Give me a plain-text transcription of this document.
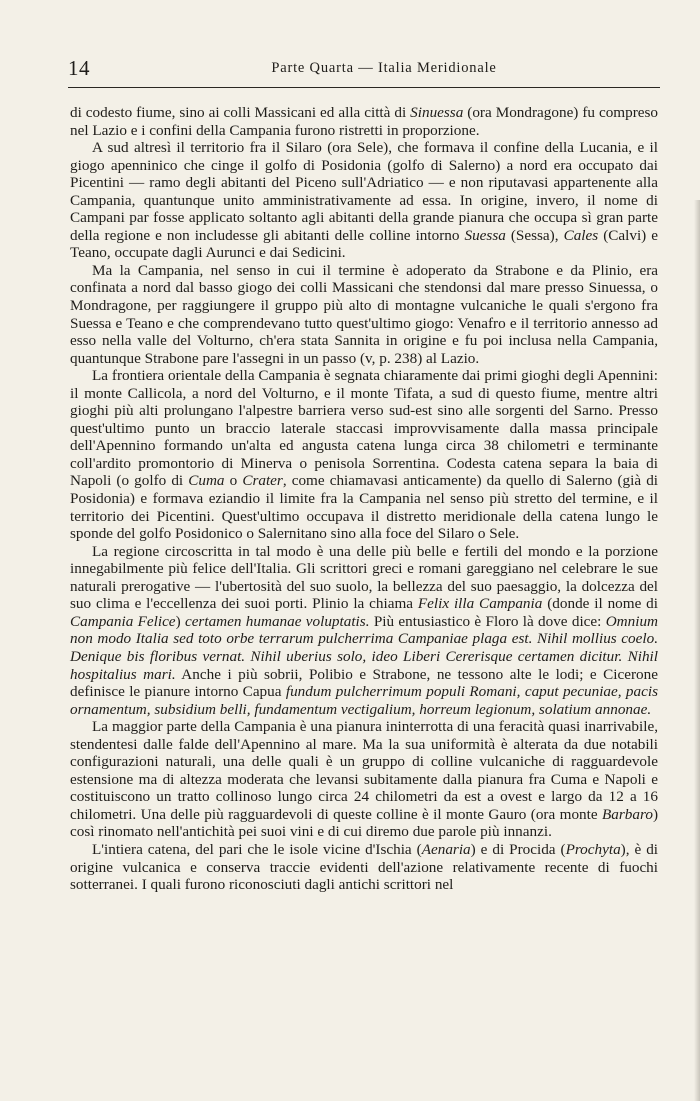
14	Parte Quarta — Italia Meridionale

di codesto fiume, sino ai colli Massicani ed alla città di Sinuessa (ora Mondragone) fu compreso nel Lazio e i confini della Campania furono ristretti in proporzione.

A sud altresì il territorio fra il Silaro (ora Sele), che formava il confine della Lucania, e il giogo apenninico che cinge il golfo di Posidonia (golfo di Salerno) a nord era occupato dai Picentini — ramo degli abitanti del Piceno sull'Adriatico — e non riputavasi appartenente alla Campania, quantunque unito amministrativamente ad essa. In origine, invero, il nome di Campani par fosse applicato soltanto agli abitanti della grande pianura che occupa sì gran parte della regione e non includesse gli abitanti delle colline intorno Suessa (Sessa), Cales (Calvi) e Teano, occupate dagli Aurunci e dai Sedicini.

Ma la Campania, nel senso in cui il termine è adoperato da Strabone e da Plinio, era confinata a nord dal basso giogo dei colli Massicani che stendonsi dal mare presso Sinuessa, o Mondragone, per raggiungere il gruppo più alto di montagne vulcaniche le quali s'ergono fra Suessa e Teano e che comprendevano tutto quest'ultimo giogo: Venafro e il territorio annesso ad esso nella valle del Volturno, ch'era stata Sannita in origine e fu poi inclusa nella Campania, quantunque Strabone pare l'assegni in un passo (v, p. 238) al Lazio.

La frontiera orientale della Campania è segnata chiaramente dai primi gioghi degli Apennini: il monte Callicola, a nord del Volturno, e il monte Tifata, a sud di questo fiume, mentre altri gioghi più alti prolungano l'alpestre barriera verso sud-est sino alle sorgenti del Sarno. Presso quest'ultimo punto un braccio laterale staccasi improvvisamente dalla massa principale dell'Apennino formando un'alta ed angusta catena lunga circa 38 chilometri e terminante coll'ardito promontorio di Minerva o penisola Sorrentina. Codesta catena separa la baia di Napoli (o golfo di Cuma o Crater, come chiamavasi anticamente) da quello di Salerno (già di Posidonia) e formava eziandio il limite fra la Campania nel senso più stretto del termine, e il territorio dei Picentini. Quest'ultimo occupava il distretto meridionale della catena lungo le sponde del golfo Posidonico o Salernitano sino alla foce del Silaro o Sele.

La regione circoscritta in tal modo è una delle più belle e fertili del mondo e la porzione innegabilmente più felice dell'Italia. Gli scrittori greci e romani gareggiano nel celebrare le sue naturali prerogative — l'ubertosità del suo suolo, la bellezza del suo paesaggio, la dolcezza del suo clima e l'eccellenza dei suoi porti. Plinio la chiama Felix illa Campania (donde il nome di Campania Felice) certamen humanae voluptatis. Più entusiastico è Floro là dove dice: Omnium non modo Italia sed toto orbe terrarum pulcherrima Campaniae plaga est. Nihil mollius coelo. Denique bis floribus vernat. Nihil uberius solo, ideo Liberi Cererisque certamen dicitur. Nihil hospitalius mari. Anche i più sobrii, Polibio e Strabone, ne tessono alte le lodi; e Cicerone definisce le pianure intorno Capua fundum pulcherrimum populi Romani, caput pecuniae, pacis ornamentum, subsidium belli, fundamentum vectigalium, horreum legionum, solatium annonae.

La maggior parte della Campania è una pianura ininterrotta di una feracità quasi inarrivabile, stendentesi dalle falde dell'Apennino al mare. Ma la sua uniformità è alterata da due notabili configurazioni naturali, una delle quali è un gruppo di colline vulcaniche di ragguardevole estensione ma di altezza moderata che levansi subitamente dalla pianura fra Cuma e Napoli e costituiscono un tratto collinoso lungo circa 24 chilometri da est a ovest e largo da 12 a 16 chilometri. Una delle più ragguardevoli di queste colline è il monte Gauro (ora monte Barbaro) così rinomato nell'antichità pei suoi vini e di cui diremo due parole più innanzi.

L'intiera catena, del pari che le isole vicine d'Ischia (Aenaria) e di Procida (Prochyta), è di origine vulcanica e conserva traccie evidenti dell'azione relativamente recente di fuochi sotterranei. I quali furono riconosciuti dagli antichi scrittori nel
